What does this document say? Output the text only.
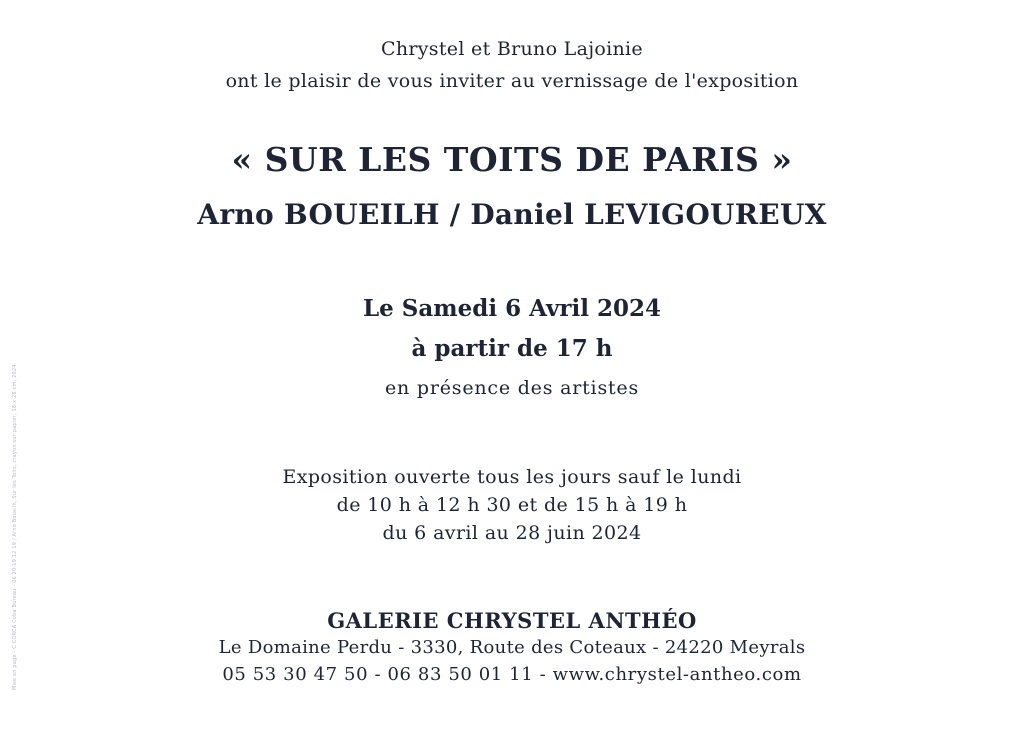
Mise en page - C CORCA Coba Bureau - 06 20 19 12 19 / Arno Boueilh, Sur les Toits, crayon sur papier, 18 x 28 cm, 2024
Chrystel et Bruno Lajoinie
ont le plaisir de vous inviter au vernissage de l'exposition
« SUR LES TOITS DE PARIS »
Arno BOUEILH / Daniel LEVIGOUREUX
Le Samedi 6 Avril 2024
à partir de 17 h
en présence des artistes
Exposition ouverte tous les jours sauf le lundi
de 10 h à 12 h 30 et de 15 h à 19 h
du 6 avril au 28 juin 2024
GALERIE CHRYSTEL ANTHÉO
Le Domaine Perdu - 3330, Route des Coteaux - 24220 Meyrals
05 53 30 47 50 - 06 83 50 01 11 - www.chrystel-antheo.com
